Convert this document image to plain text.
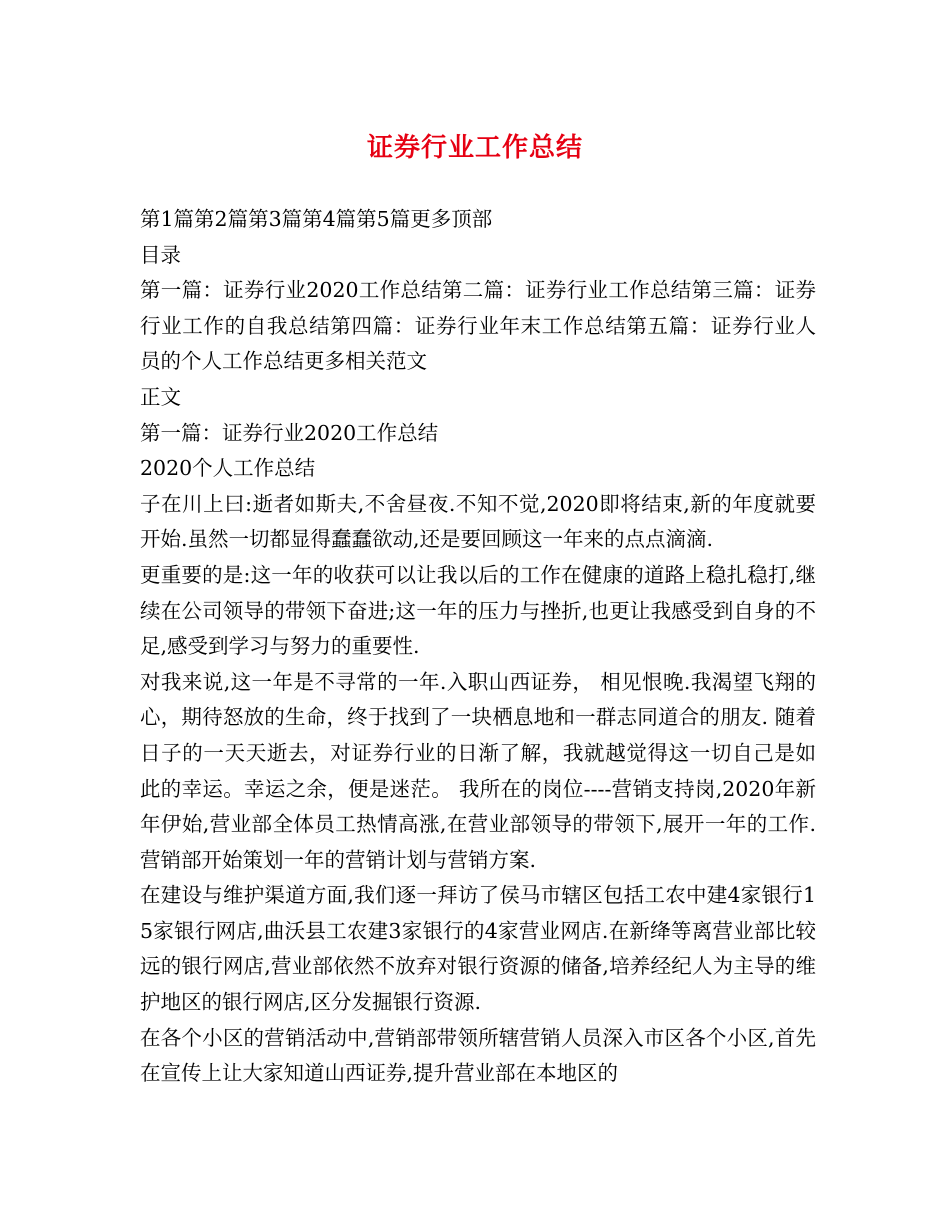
证券行业工作总结

第1篇第2篇第3篇第4篇第5篇更多顶部

目录

第一篇：证券行业2020工作总结第二篇：证券行业工作总结第三篇：证券行业工作的自我总结第四篇：证券行业年末工作总结第五篇：证券行业人员的个人工作总结更多相关范文

正文

第一篇：证券行业2020工作总结

2020个人工作总结

子在川上曰:逝者如斯夫,不舍昼夜.不知不觉,2020即将结束,新的年度就要开始.虽然一切都显得蠢蠢欲动,还是要回顾这一年来的点点滴滴.

更重要的是:这一年的收获可以让我以后的工作在健康的道路上稳扎稳打,继续在公司领导的带领下奋进;这一年的压力与挫折,也更让我感受到自身的不足,感受到学习与努力的重要性.

对我来说,这一年是不寻常的一年.入职山西证券， 相见恨晚.我渴望飞翔的心，期待怒放的生命，终于找到了一块栖息地和一群志同道合的朋友. 随着日子的一天天逝去，对证券行业的日渐了解，我就越觉得这一切自己是如此的幸运。幸运之余，便是迷茫。 我所在的岗位----营销支持岗,2020年新年伊始,营业部全体员工热情高涨,在营业部领导的带领下,展开一年的工作.营销部开始策划一年的营销计划与营销方案.

在建设与维护渠道方面,我们逐一拜访了侯马市辖区包括工农中建4家银行15家银行网店,曲沃县工农建3家银行的4家营业网店.在新绛等离营业部比较远的银行网店,营业部依然不放弃对银行资源的储备,培养经纪人为主导的维护地区的银行网店,区分发掘银行资源.

在各个小区的营销活动中,营销部带领所辖营销人员深入市区各个小区,首先在宣传上让大家知道山西证券,提升营业部在本地区的
